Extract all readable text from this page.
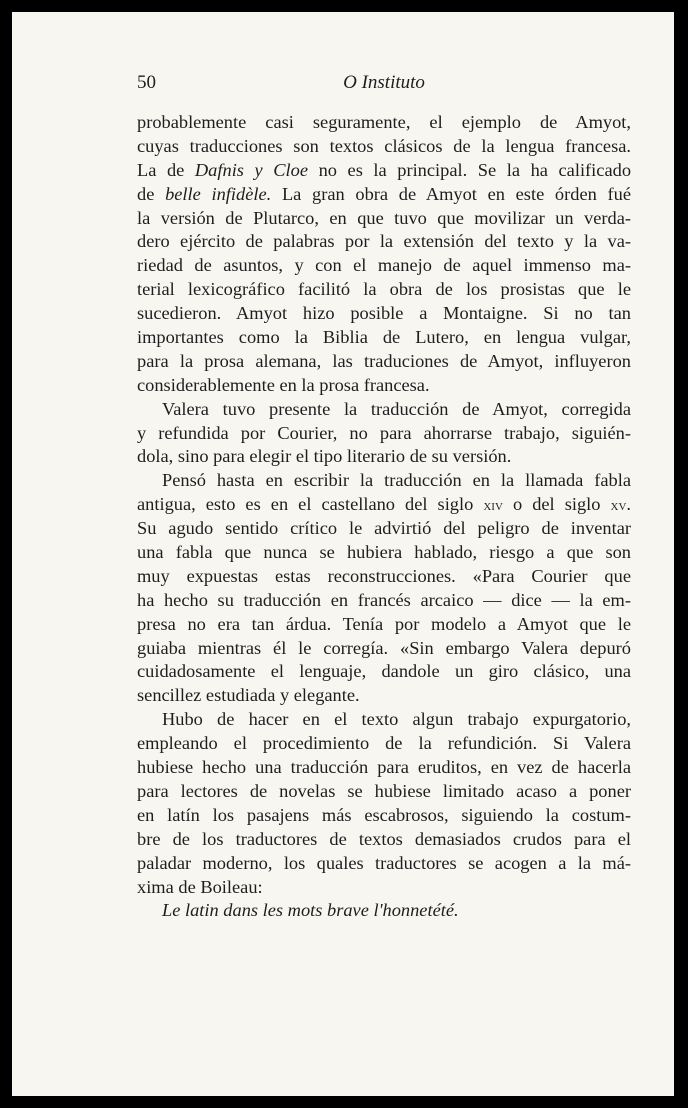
50	O Instituto
probablemente casi seguramente, el ejemplo de Amyot,
cuyas traducciones son textos clásicos de la lengua francesa.
La de Dafnis y Cloe no es la principal. Se la ha calificado
de belle infidèle. La gran obra de Amyot en este órden fué
la versión de Plutarco, en que tuvo que movilizar un verda-
dero ejército de palabras por la extensión del texto y la va-
riedad de asuntos, y con el manejo de aquel immenso ma-
terial lexicográfico facilitó la obra de los prosistas que le
sucedieron. Amyot hizo posible a Montaigne. Si no tan
importantes como la Biblia de Lutero, en lengua vulgar,
para la prosa alemana, las traduciones de Amyot, influyeron
considerablemente en la prosa francesa.
Valera tuvo presente la traducción de Amyot, corregida
y refundida por Courier, no para ahorrarse trabajo, siguién-
dola, sino para elegir el tipo literario de su versión.
Pensó hasta en escribir la traducción en la llamada fabla
antigua, esto es en el castellano del siglo xiv o del siglo xv.
Su agudo sentido crítico le advirtió del peligro de inventar
una fabla que nunca se hubiera hablado, riesgo a que son
muy expuestas estas reconstrucciones. «Para Courier que
ha hecho su traducción en francés arcaico — dice — la em-
presa no era tan árdua. Tenía por modelo a Amyot que le
guiaba mientras él le corregía. «Sin embargo Valera depuró
cuidadosamente el lenguaje, dandole un giro clásico, una
sencillez estudiada y elegante.
Hubo de hacer en el texto algun trabajo expurgatorio,
empleando el procedimiento de la refundición. Si Valera
hubiese hecho una traducción para eruditos, en vez de hacerla
para lectores de novelas se hubiese limitado acaso a poner
en latín los pasajens más escabrosos, siguiendo la costum-
bre de los traductores de textos demasiados crudos para el
paladar moderno, los quales traductores se acogen a la má-
xima de Boileau:
Le latin dans les mots brave l'honnetété.
